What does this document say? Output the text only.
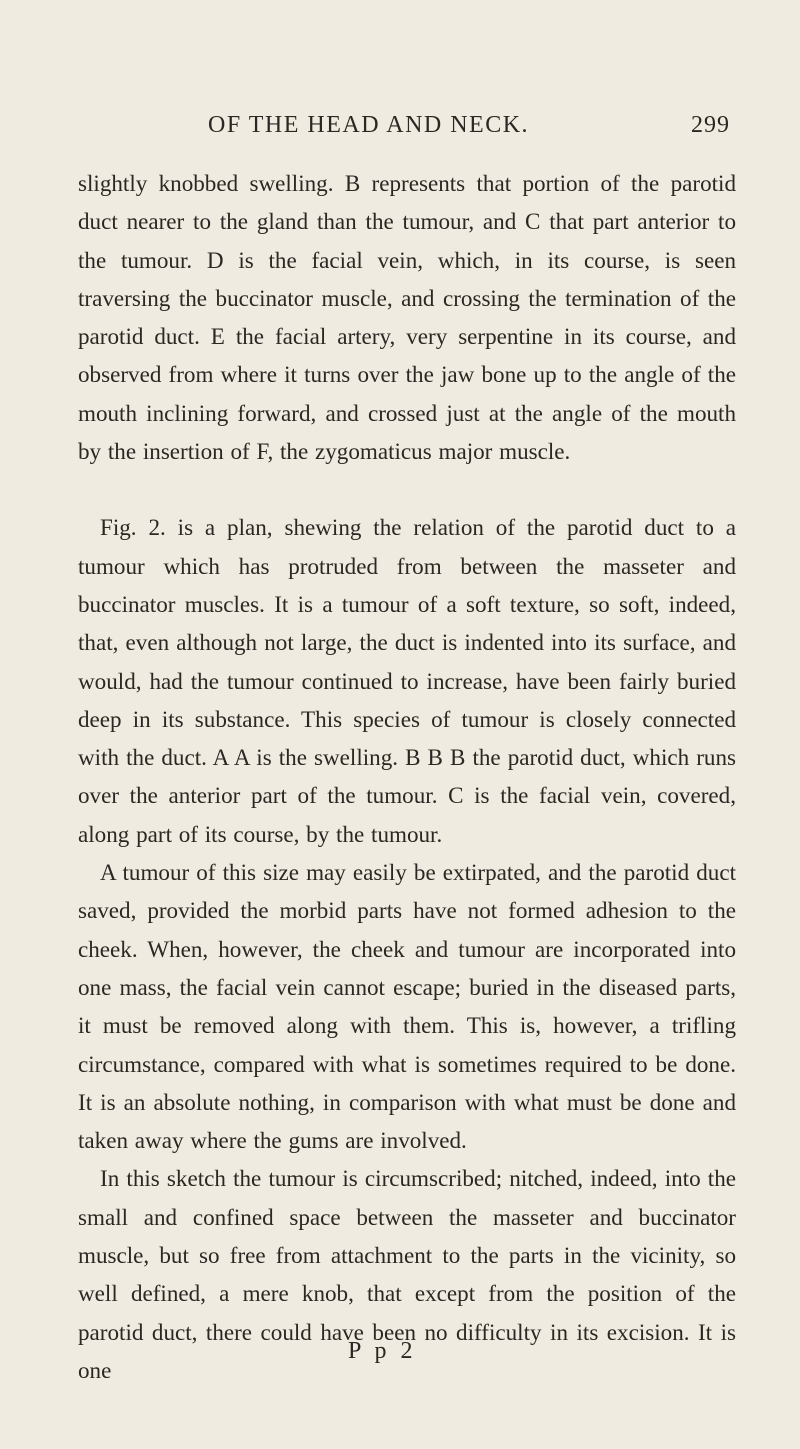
OF THE HEAD AND NECK.	299

slightly knobbed swelling. B represents that portion of the parotid duct nearer to the gland than the tumour, and C that part anterior to the tumour. D is the facial vein, which, in its course, is seen traversing the buccinator muscle, and crossing the termination of the parotid duct. E the facial artery, very serpentine in its course, and observed from where it turns over the jaw bone up to the angle of the mouth inclining forward, and crossed just at the angle of the mouth by the insertion of F, the zygomaticus major muscle.

Fig. 2. is a plan, shewing the relation of the parotid duct to a tumour which has protruded from between the masseter and buccinator muscles. It is a tumour of a soft texture, so soft, indeed, that, even although not large, the duct is indented into its surface, and would, had the tumour continued to increase, have been fairly buried deep in its substance. This species of tumour is closely connected with the duct. A A is the swelling. B B B the parotid duct, which runs over the anterior part of the tumour. C is the facial vein, covered, along part of its course, by the tumour.

A tumour of this size may easily be extirpated, and the parotid duct saved, provided the morbid parts have not formed adhesion to the cheek. When, however, the cheek and tumour are incorporated into one mass, the facial vein cannot escape; buried in the diseased parts, it must be removed along with them. This is, however, a trifling circumstance, compared with what is sometimes required to be done. It is an absolute nothing, in comparison with what must be done and taken away where the gums are involved.

In this sketch the tumour is circumscribed; nitched, indeed, into the small and confined space between the masseter and buccinator muscle, but so free from attachment to the parts in the vicinity, so well defined, a mere knob, that except from the position of the parotid duct, there could have been no difficulty in its excision. It is one

P p 2
